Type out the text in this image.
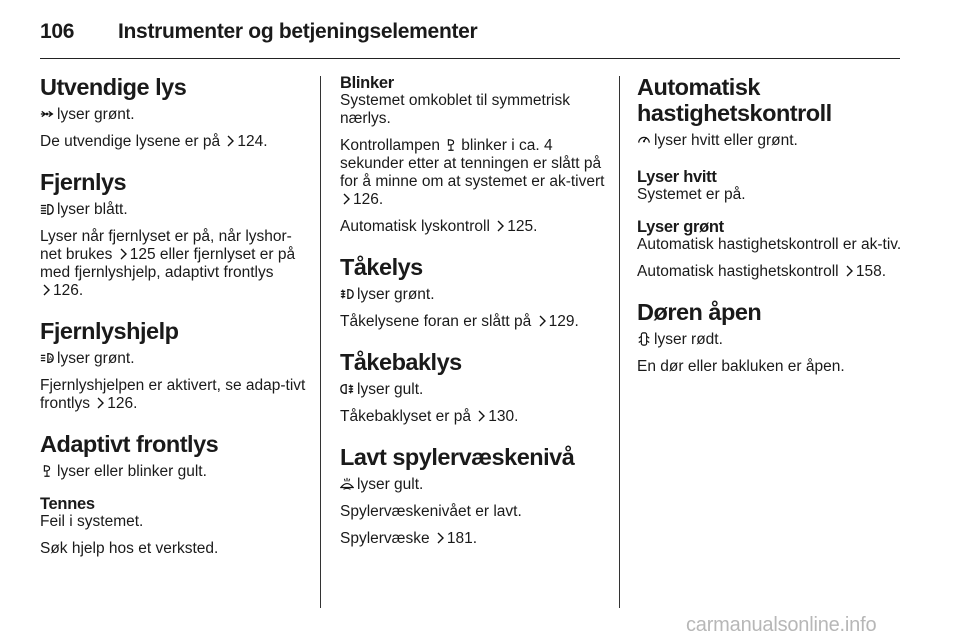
106 Instrumenter og betjeningselementer
Utvendige lys

lyser grønt.

De utvendige lysene er på 124.

Fjernlys

lyser blått.

Lyser når fjernlyset er på, når lyshor-net brukes 125 eller fjernlyset er på med fjernlyshjelp, adaptivt frontlys
126.

Fjernlyshjelp

A lyser grønt.

Fjernlyshjelpen er aktivert, se adap-tivt frontlys 126.

Adaptivt frontlys

lyser eller blinker gult.

Tennes

Feil i systemet.

Søk hjelp hos et verksted.

Blinker

Systemet omkoblet til symmetrisk nærlys.

Kontrollampen blinker i ca. 4 sekunder etter at tenningen er slått på for å minne om at systemet er ak-tivert 126.

Automatisk lyskontroll 125.

Tåkelys

lyser grønt.

Tåkelysene foran er slått på 129.

Tåkebaklys

lyser gult.

Tåkebaklyset er på 130.

Lavt spylervæskenivå

lyser gult.

Spylervæskenivået er lavt.

Spylervæske 181.

Automatisk hastighetskontroll

lyser hvitt eller grønt.

Lyser hvitt

Systemet er på.

Lyser grønt

Automatisk hastighetskontroll er ak-tiv.

Automatisk hastighetskontroll 158.

Døren åpen

lyser rødt.

En dør eller bakluken er åpen.

carmanualsonline.info
